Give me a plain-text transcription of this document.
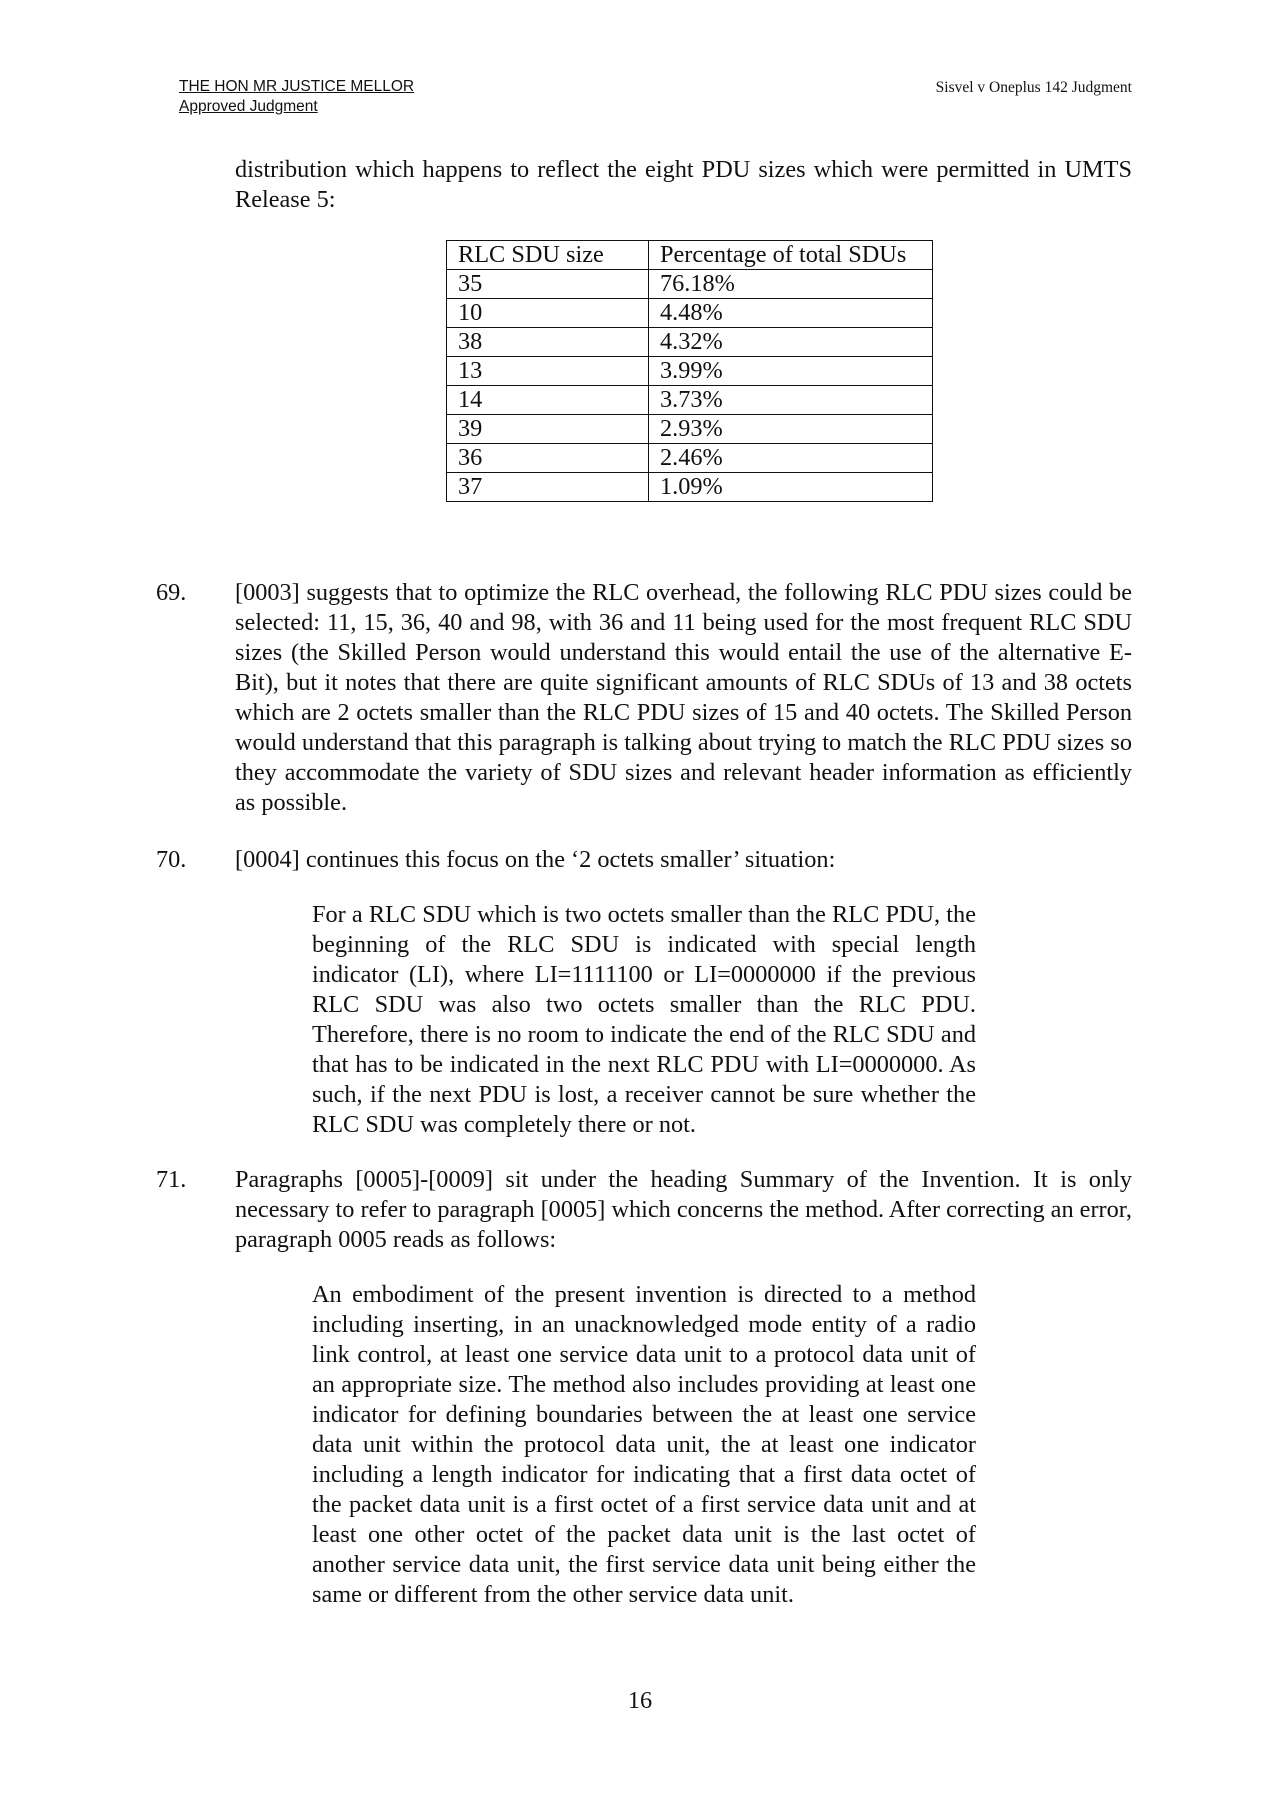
THE HON MR JUSTICE MELLOR
Approved Judgment
Sisvel v Oneplus 142 Judgment
distribution which happens to reflect the eight PDU sizes which were permitted in UMTS Release 5:
RLC SDU size	Percentage of total SDUs
35	76.18%
10	4.48%
38	4.32%
13	3.99%
14	3.73%
39	2.93%
36	2.46%
37	1.09%
69. [0003] suggests that to optimize the RLC overhead, the following RLC PDU sizes could be selected: 11, 15, 36, 40 and 98, with 36 and 11 being used for the most frequent RLC SDU sizes (the Skilled Person would understand this would entail the use of the alternative E-Bit), but it notes that there are quite significant amounts of RLC SDUs of 13 and 38 octets which are 2 octets smaller than the RLC PDU sizes of 15 and 40 octets. The Skilled Person would understand that this paragraph is talking about trying to match the RLC PDU sizes so they accommodate the variety of SDU sizes and relevant header information as efficiently as possible.
70. [0004] continues this focus on the ‘2 octets smaller’ situation:
For a RLC SDU which is two octets smaller than the RLC PDU, the beginning of the RLC SDU is indicated with special length indicator (LI), where LI=1111100 or LI=0000000 if the previous RLC SDU was also two octets smaller than the RLC PDU. Therefore, there is no room to indicate the end of the RLC SDU and that has to be indicated in the next RLC PDU with LI=0000000. As such, if the next PDU is lost, a receiver cannot be sure whether the RLC SDU was completely there or not.
71. Paragraphs [0005]-[0009] sit under the heading Summary of the Invention. It is only necessary to refer to paragraph [0005] which concerns the method. After correcting an error, paragraph 0005 reads as follows:
An embodiment of the present invention is directed to a method including inserting, in an unacknowledged mode entity of a radio link control, at least one service data unit to a protocol data unit of an appropriate size. The method also includes providing at least one indicator for defining boundaries between the at least one service data unit within the protocol data unit, the at least one indicator including a length indicator for indicating that a first data octet of the packet data unit is a first octet of a first service data unit and at least one other octet of the packet data unit is the last octet of another service data unit, the first service data unit being either the same or different from the other service data unit.
16
